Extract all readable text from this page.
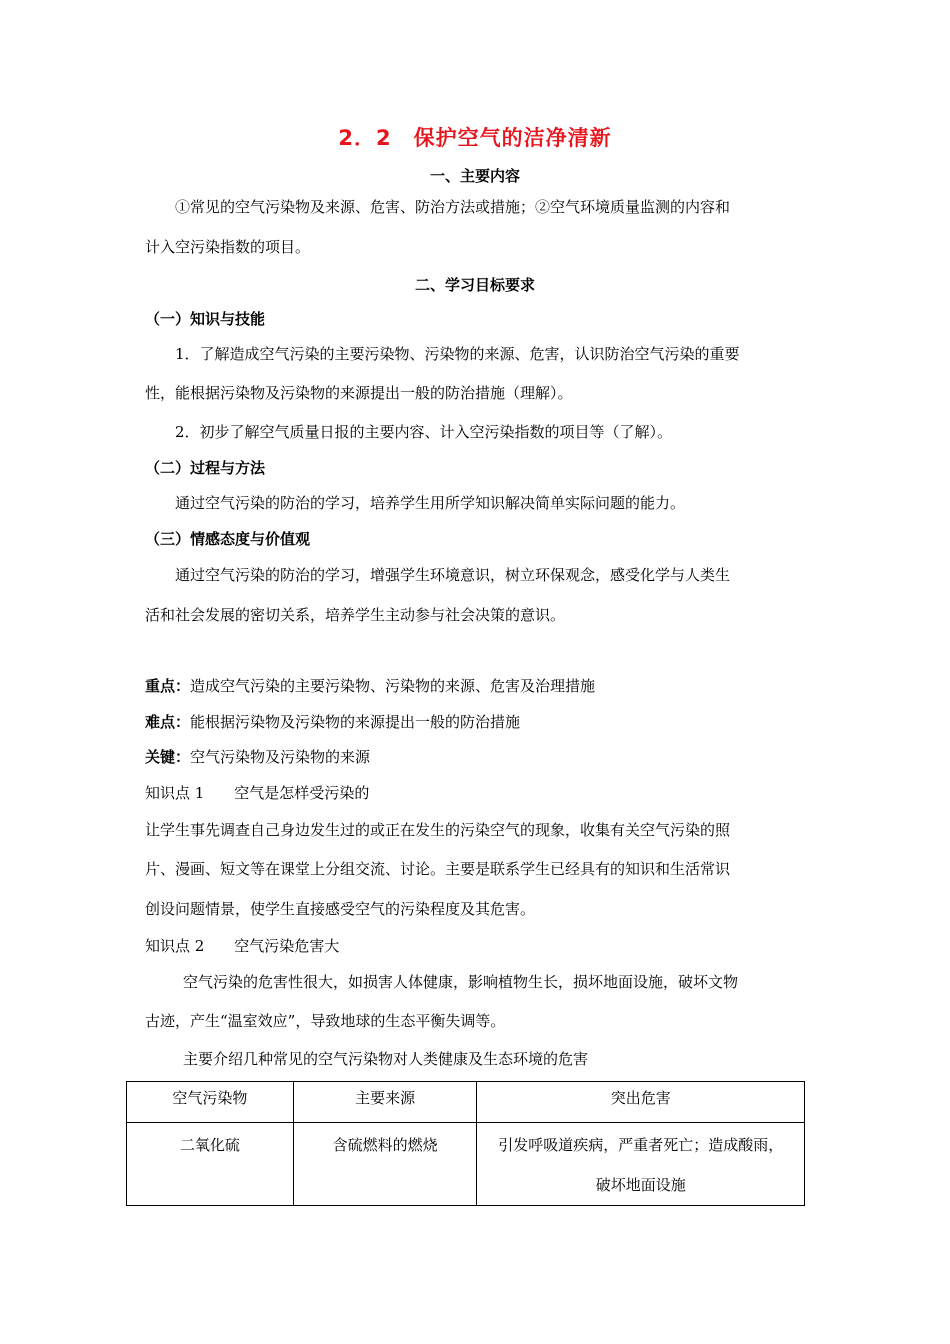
2．2　保护空气的洁净清新
一、主要内容
①常见的空气污染物及来源、危害、防治方法或措施；②空气环境质量监测的内容和
计入空污染指数的项目。
二、学习目标要求
（一）知识与技能
1．了解造成空气污染的主要污染物、污染物的来源、危害，认识防治空气污染的重要
性，能根据污染物及污染物的来源提出一般的防治措施（理解）。
2．初步了解空气质量日报的主要内容、计入空污染指数的项目等（了解）。
（二）过程与方法
通过空气污染的防治的学习，培养学生用所学知识解决简单实际问题的能力。
（三）情感态度与价值观
通过空气污染的防治的学习，增强学生环境意识，树立环保观念，感受化学与人类生
活和社会发展的密切关系，培养学生主动参与社会决策的意识。
重点：造成空气污染的主要污染物、污染物的来源、危害及治理措施
难点：能根据污染物及污染物的来源提出一般的防治措施
关键：空气污染物及污染物的来源
知识点 1　　空气是怎样受污染的
让学生事先调查自己身边发生过的或正在发生的污染空气的现象，收集有关空气污染的照
片、漫画、短文等在课堂上分组交流、讨论。主要是联系学生已经具有的知识和生活常识
创设问题情景，使学生直接感受空气的污染程度及其危害。
知识点 2　　空气污染危害大
空气污染的危害性很大，如损害人体健康，影响植物生长，损坏地面设施，破坏文物
古迹，产生“温室效应”，导致地球的生态平衡失调等。
主要介绍几种常见的空气污染物对人类健康及生态环境的危害
空气污染物	主要来源	突出危害
二氧化硫	含硫燃料的燃烧	引发呼吸道疾病，严重者死亡；造成酸雨，破坏地面设施
